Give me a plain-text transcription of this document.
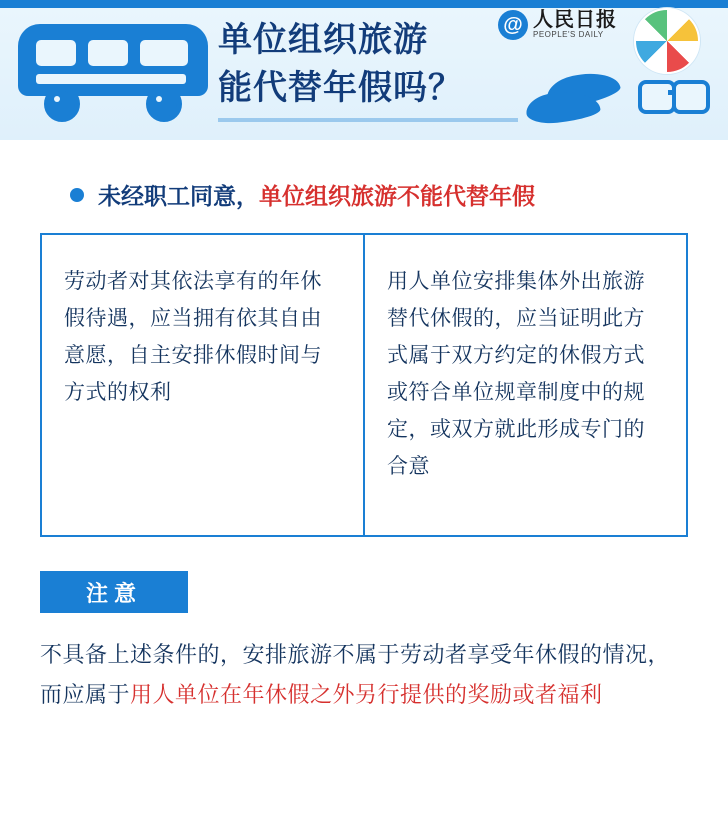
单位组织旅游
能代替年假吗？
@ 人民日报
PEOPLE'S DAILY
未经职工同意，单位组织旅游不能代替年假
劳动者对其依法享有的年休假待遇，应当拥有依其自由意愿，自主安排休假时间与方式的权利
用人单位安排集体外出旅游替代休假的，应当证明此方式属于双方约定的休假方式或符合单位规章制度中的规定，或双方就此形成专门的合意
注意
不具备上述条件的，安排旅游不属于劳动者享受年休假的情况，而应属于用人单位在年休假之外另行提供的奖励或者福利
